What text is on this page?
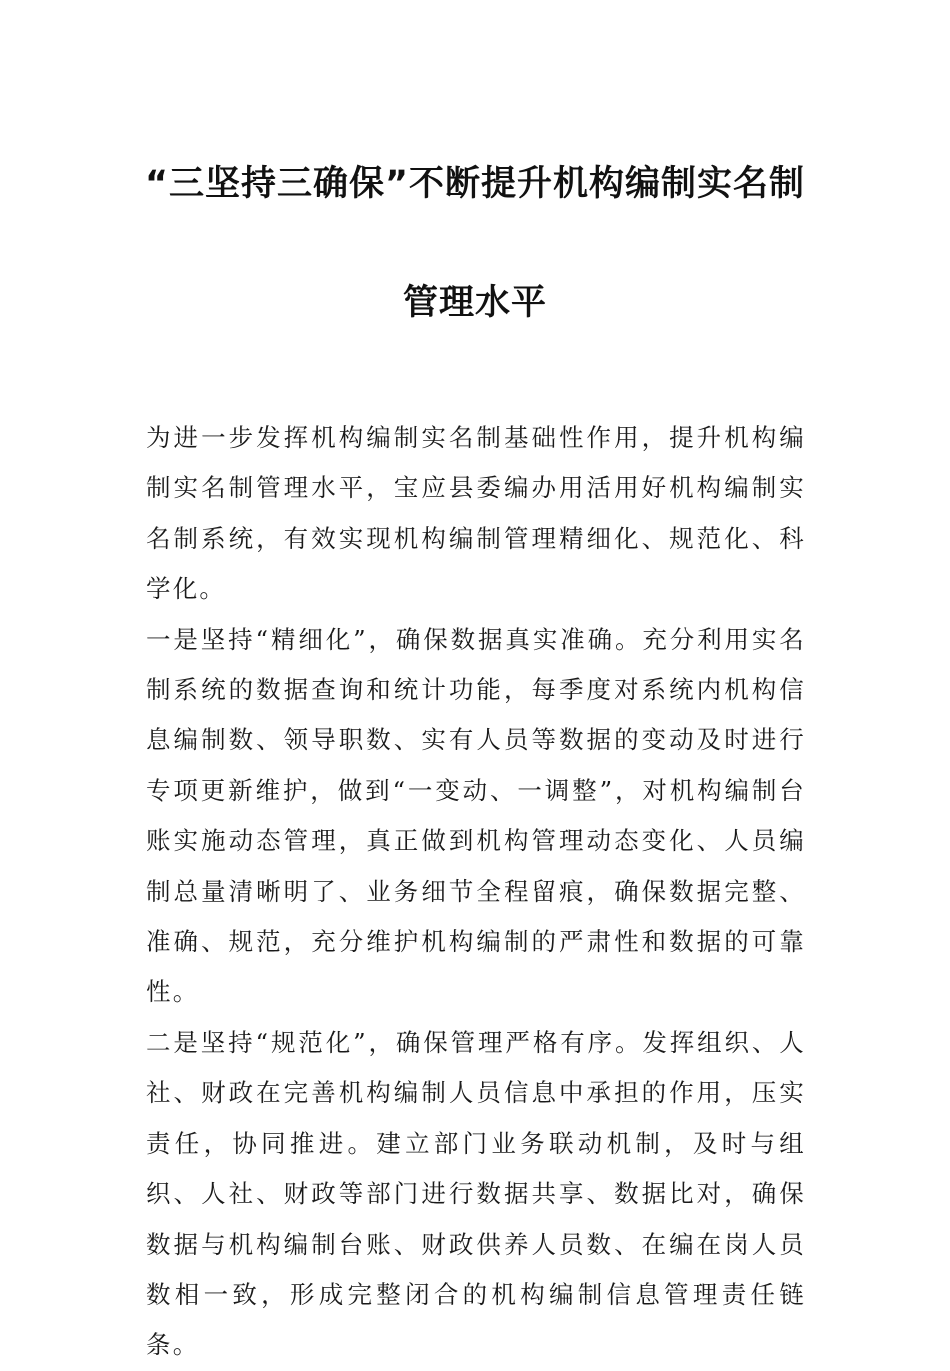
“三坚持三确保”不断提升机构编制实名制
管理水平

为进一步发挥机构编制实名制基础性作用，提升机构编制实名制管理水平，宝应县委编办用活用好机构编制实名制系统，有效实现机构编制管理精细化、规范化、科学化。

一是坚持“精细化”，确保数据真实准确。充分利用实名制系统的数据查询和统计功能，每季度对系统内机构信息编制数、领导职数、实有人员等数据的变动及时进行专项更新维护，做到“一变动、一调整”，对机构编制台账实施动态管理，真正做到机构管理动态变化、人员编制总量清晰明了、业务细节全程留痕，确保数据完整、准确、规范，充分维护机构编制的严肃性和数据的可靠性。

二是坚持“规范化”，确保管理严格有序。发挥组织、人社、财政在完善机构编制人员信息中承担的作用，压实责任，协同推进。建立部门业务联动机制，及时与组织、人社、财政等部门进行数据共享、数据比对，确保数据与机构编制台账、财政供养人员数、在编在岗人员数相一致，形成完整闭合的机构编制信息管理责任链条。
